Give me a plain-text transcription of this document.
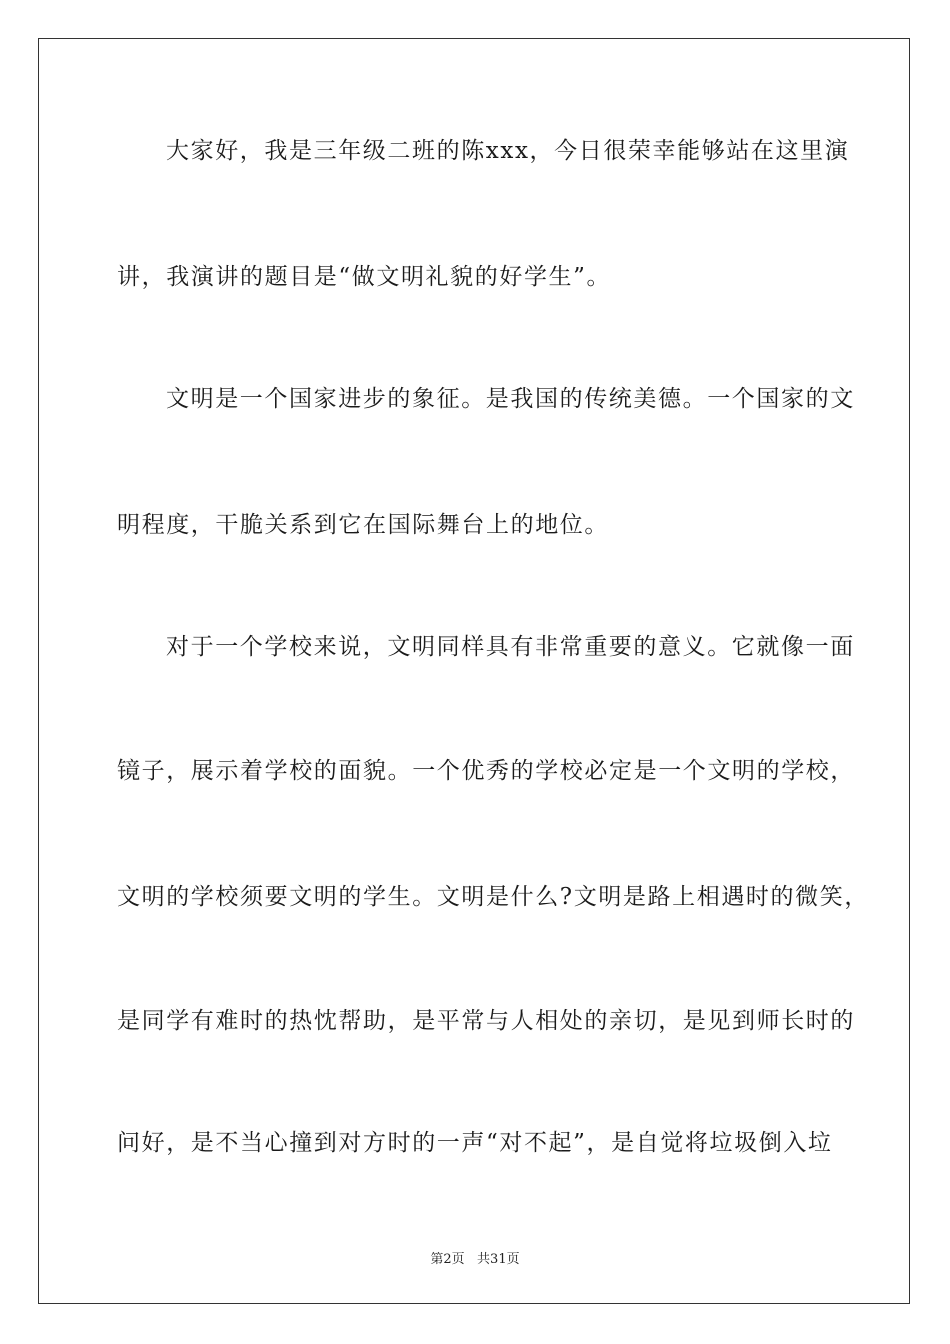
大家好，我是三年级二班的陈xxx，今日很荣幸能够站在这里演
讲，我演讲的题目是“做文明礼貌的好学生”。
文明是一个国家进步的象征。是我国的传统美德。一个国家的文
明程度，干脆关系到它在国际舞台上的地位。
对于一个学校来说，文明同样具有非常重要的意义。它就像一面
镜子，展示着学校的面貌。一个优秀的学校必定是一个文明的学校，
文明的学校须要文明的学生。文明是什么?文明是路上相遇时的微笑，
是同学有难时的热忱帮助，是平常与人相处的亲切，是见到师长时的
问好，是不当心撞到对方时的一声“对不起”，是自觉将垃圾倒入垃
第2页   共31页
